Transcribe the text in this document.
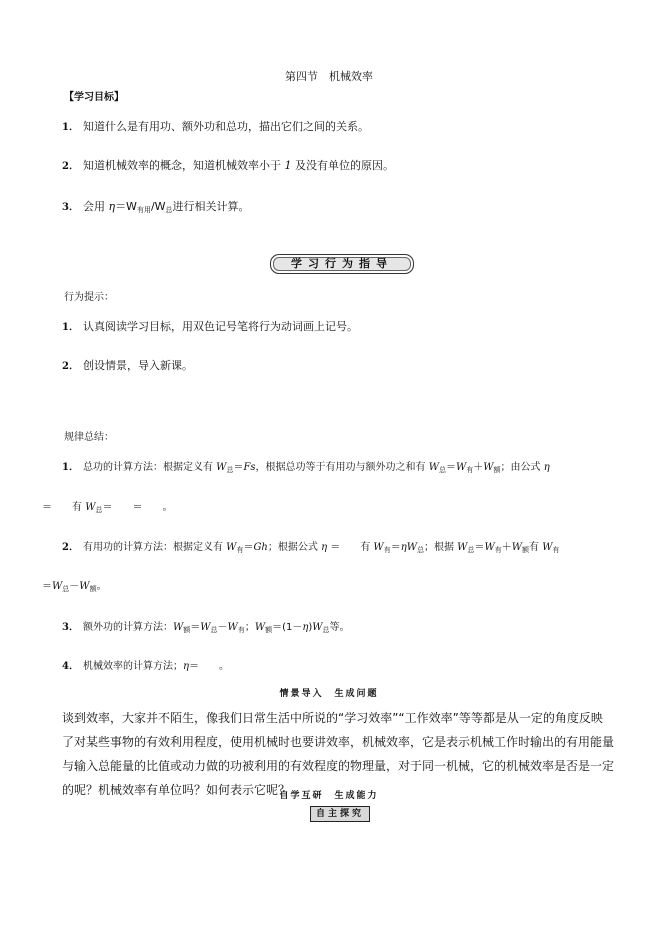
第四节　机械效率
【学习目标】
1． 知道什么是有用功、额外功和总功，描出它们之间的关系。
2． 知道机械效率的概念，知道机械效率小于 1 及没有单位的原因。
3． 会用 $\eta=W_{有用}/W_总$进行相关计算。
学习行为指导
行为提示：
1． 认真阅读学习目标，用双色记号笔将行为动词画上记号。
2． 创设情景，导入新课。
规律总结：
1． 总功的计算方法：根据定义有 $W_总=Fs$，根据总功等于有用功与额外功之和有 $W_总=W_有+W_额$；由公式 η
＝　　有 $W_总=$　　＝　　。
2． 有用功的计算方法：根据定义有 $W_有=Gh$；根据公式 η ＝　　有 $W_有=\eta W_总$；根据 $W_总=W_有+W_额$有 $W_有$
$=W_总-W_额$。
3． 额外功的计算方法：$W_额=W_总-W_有$；$W_额=(1-\eta)W_总$等。
4． 机械效率的计算方法；η＝　　。
情景导入　生成问题
谈到效率，大家并不陌生，像我们日常生活中所说的“学习效率”“工作效率”等等都是从一定的角度反映了对某些事物的有效利用程度，使用机械时也要讲效率，机械效率，它是表示机械工作时输出的有用能量与输入总能量的比值或动力做的功被利用的有效程度的物理量，对于同一机械，它的机械效率是否是一定的呢？机械效率有单位吗？如何表示它呢？
自学互研　生成能力
自主探究
